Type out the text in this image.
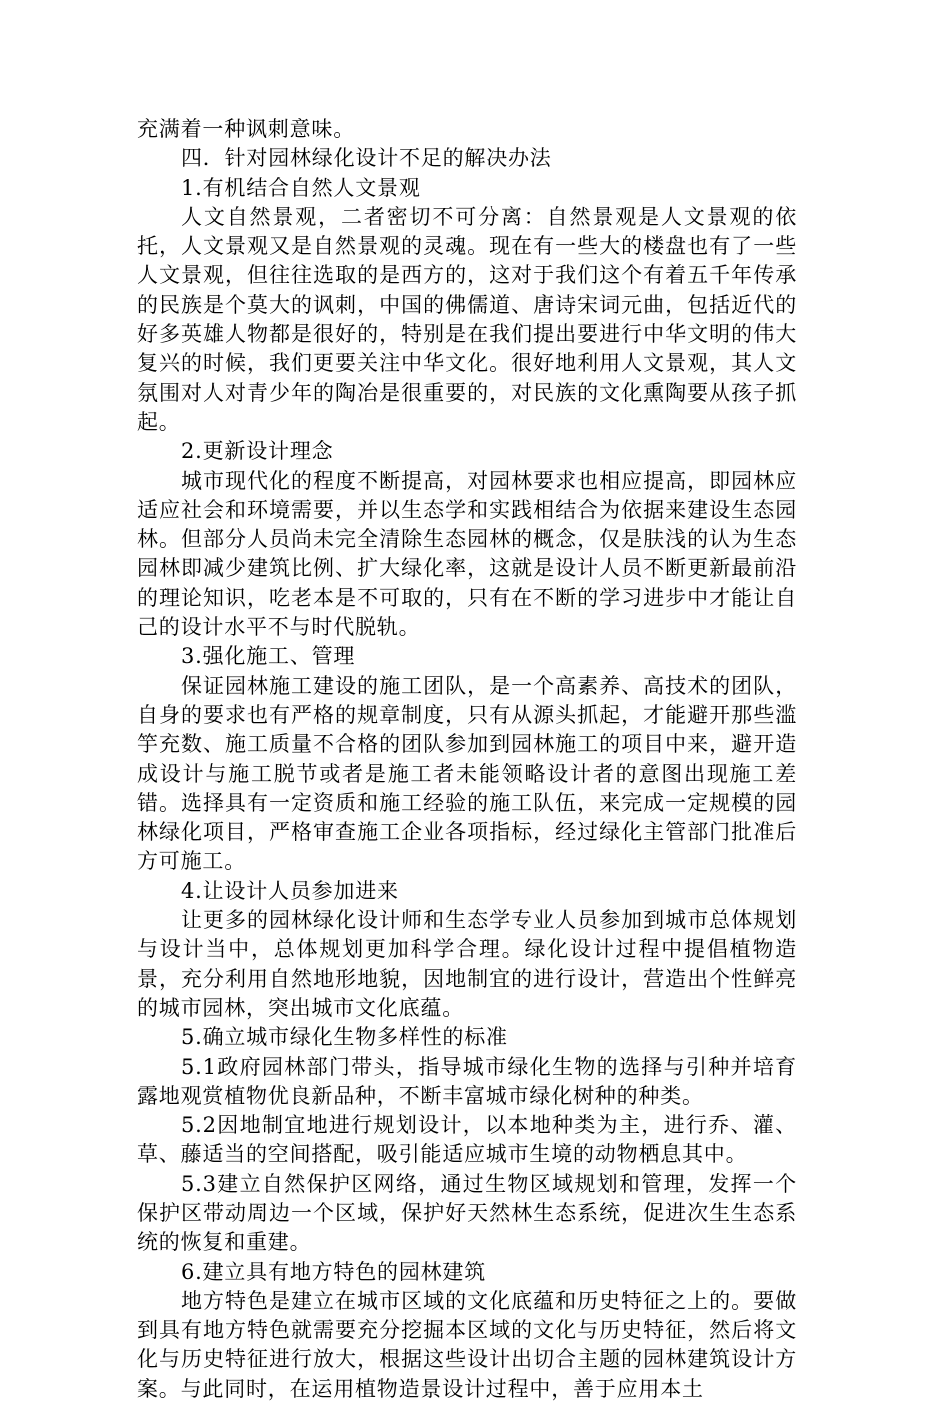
充满着一种讽刺意味。

四．针对园林绿化设计不足的解决办法

1.有机结合自然人文景观

人文自然景观，二者密切不可分离：自然景观是人文景观的依托，人文景观又是自然景观的灵魂。现在有一些大的楼盘也有了一些人文景观，但往往选取的是西方的，这对于我们这个有着五千年传承的民族是个莫大的讽刺，中国的佛儒道、唐诗宋词元曲，包括近代的好多英雄人物都是很好的，特别是在我们提出要进行中华文明的伟大复兴的时候，我们更要关注中华文化。很好地利用人文景观，其人文氛围对人对青少年的陶冶是很重要的，对民族的文化熏陶要从孩子抓起。

2.更新设计理念

城市现代化的程度不断提高，对园林要求也相应提高，即园林应适应社会和环境需要，并以生态学和实践相结合为依据来建设生态园林。但部分人员尚未完全清除生态园林的概念，仅是肤浅的认为生态园林即减少建筑比例、扩大绿化率，这就是设计人员不断更新最前沿的理论知识，吃老本是不可取的，只有在不断的学习进步中才能让自己的设计水平不与时代脱轨。

3.强化施工、管理

保证园林施工建设的施工团队，是一个高素养、高技术的团队，自身的要求也有严格的规章制度，只有从源头抓起，才能避开那些滥竽充数、施工质量不合格的团队参加到园林施工的项目中来，避开造成设计与施工脱节或者是施工者未能领略设计者的意图出现施工差错。选择具有一定资质和施工经验的施工队伍，来完成一定规模的园林绿化项目，严格审查施工企业各项指标，经过绿化主管部门批准后方可施工。

4.让设计人员参加进来

让更多的园林绿化设计师和生态学专业人员参加到城市总体规划与设计当中，总体规划更加科学合理。绿化设计过程中提倡植物造景，充分利用自然地形地貌，因地制宜的进行设计，营造出个性鲜亮的城市园林，突出城市文化底蕴。

5.确立城市绿化生物多样性的标准

5.1政府园林部门带头，指导城市绿化生物的选择与引种并培育露地观赏植物优良新品种，不断丰富城市绿化树种的种类。

5.2因地制宜地进行规划设计，以本地种类为主，进行乔、灌、草、藤适当的空间搭配，吸引能适应城市生境的动物栖息其中。

5.3建立自然保护区网络，通过生物区域规划和管理，发挥一个保护区带动周边一个区域，保护好天然林生态系统，促进次生生态系统的恢复和重建。

6.建立具有地方特色的园林建筑

地方特色是建立在城市区域的文化底蕴和历史特征之上的。要做到具有地方特色就需要充分挖掘本区域的文化与历史特征，然后将文化与历史特征进行放大，根据这些设计出切合主题的园林建筑设计方案。与此同时，在运用植物造景设计过程中，善于应用本土
